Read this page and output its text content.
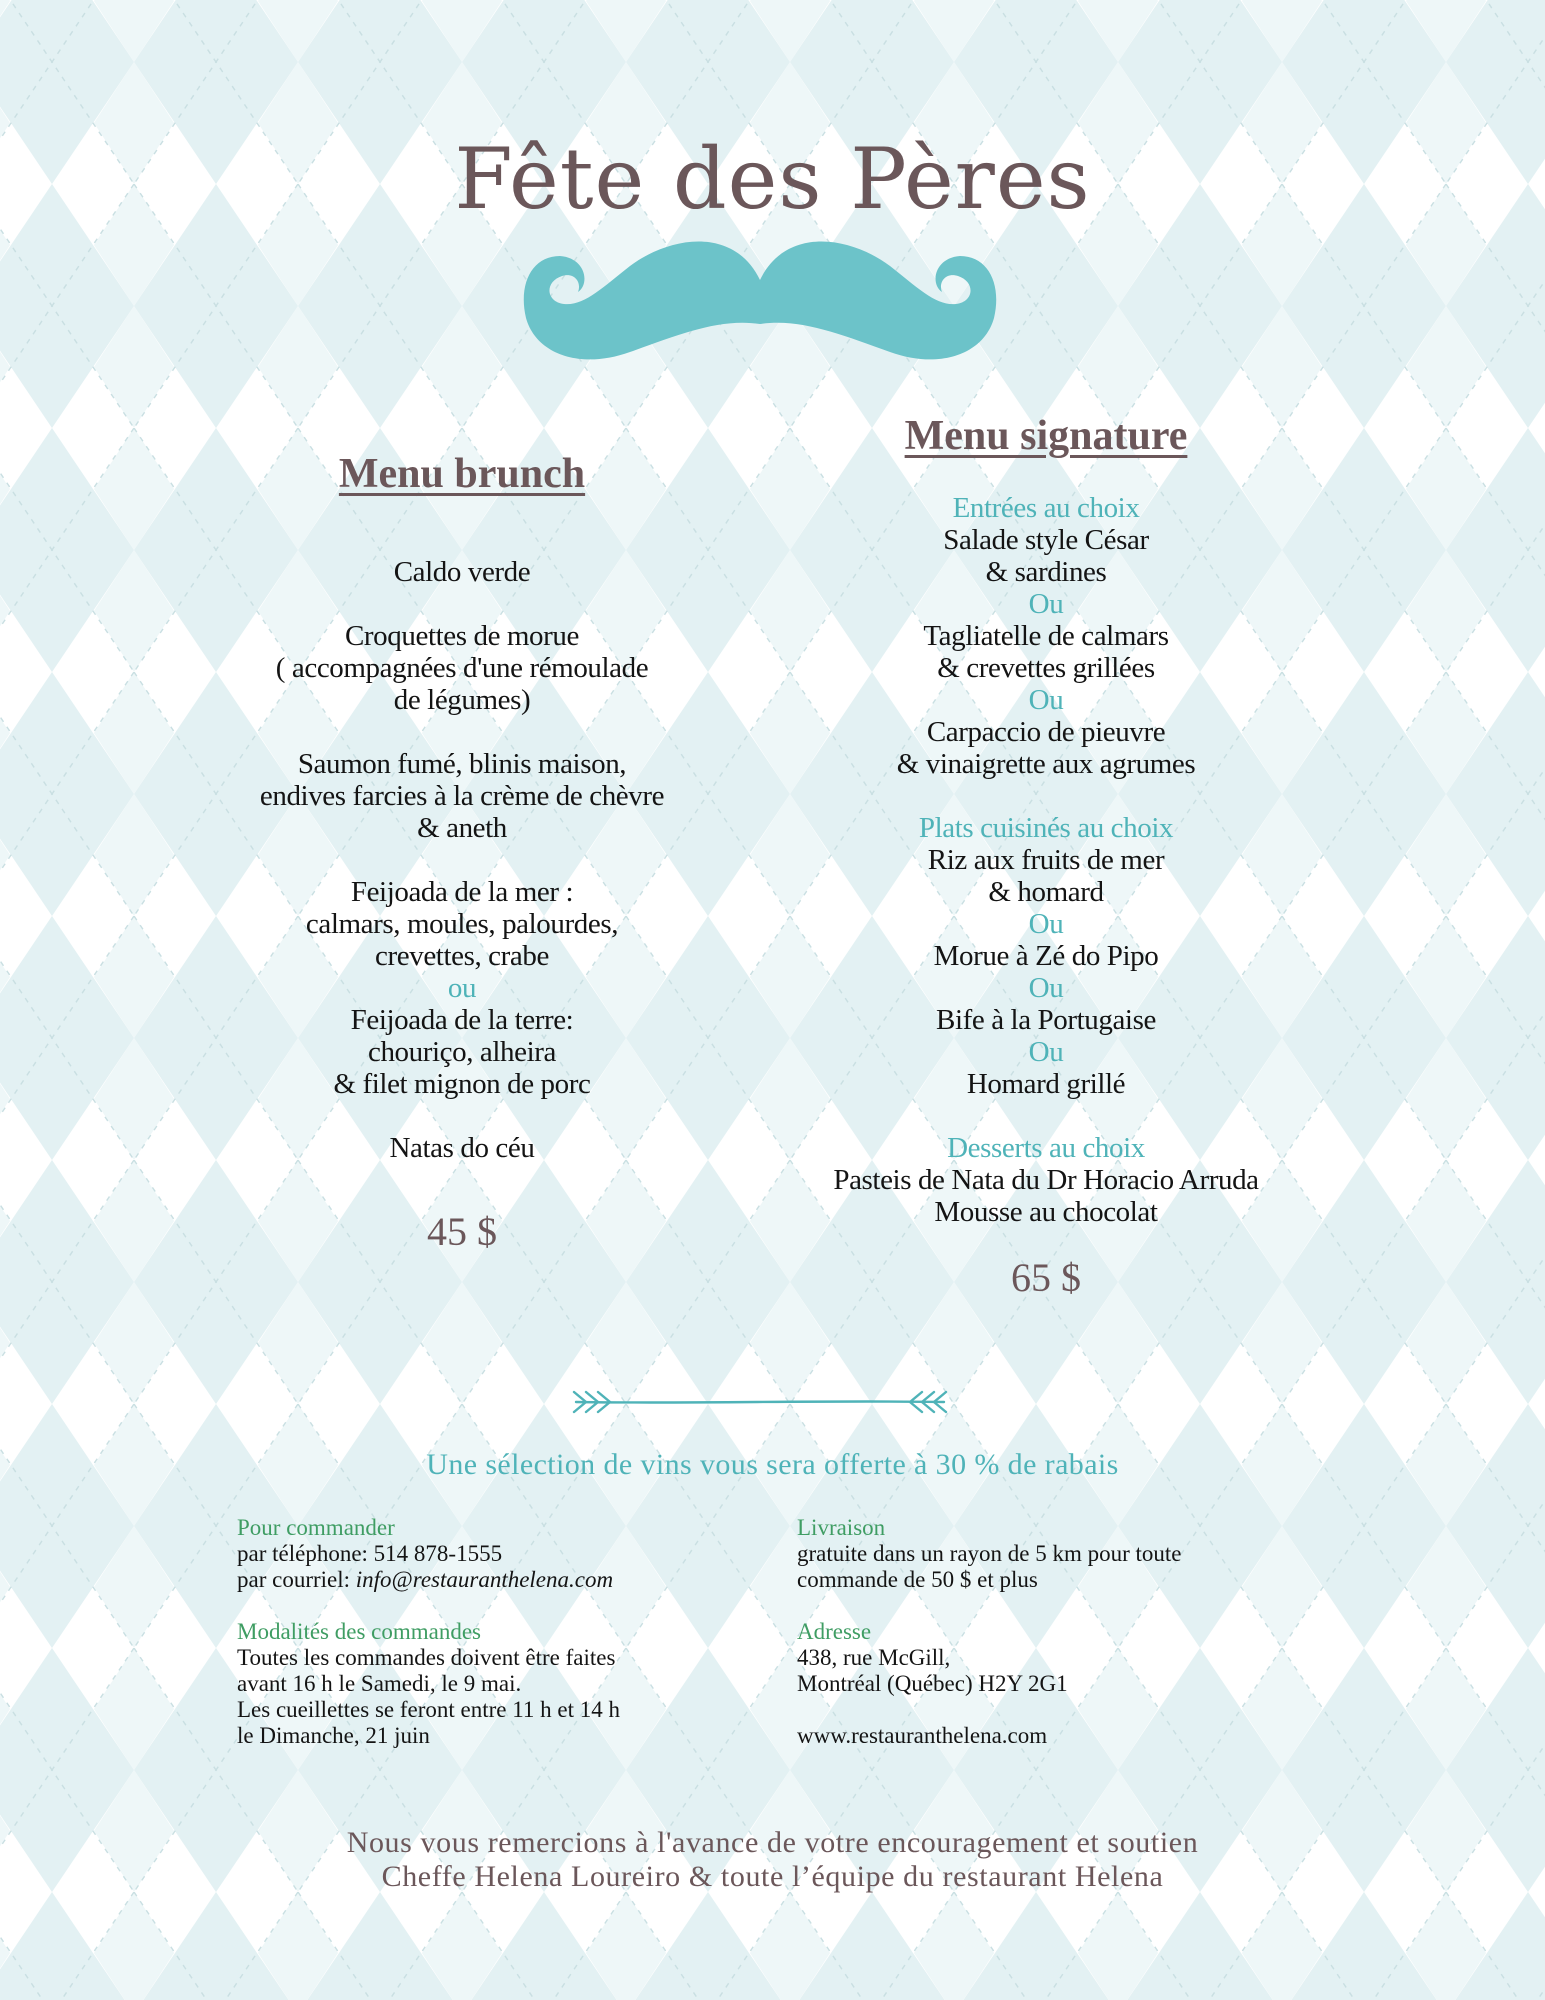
Fête des Pères
Menu brunch
Caldo verde
Croquettes de morue
( accompagnées d'une rémoulade
de légumes)
Saumon fumé, blinis maison,
endives farcies à la crème de chèvre
& aneth
Feijoada de la mer :
calmars, moules, palourdes,
crevettes, crabe
ou
Feijoada de la terre:
chouriço, alheira
& filet mignon de porc
Natas do céu
45 $
Menu signature
Entrées au choix
Salade style César
& sardines
Ou
Tagliatelle de calmars
& crevettes grillées
Ou
Carpaccio de pieuvre
& vinaigrette aux agrumes
Plats cuisinés au choix
Riz aux fruits de mer
& homard
Ou
Morue à Zé do Pipo
Ou
Bife à la Portugaise
Ou
Homard grillé
Desserts au choix
Pasteis de Nata du Dr Horacio Arruda
Mousse au chocolat
65 $
Une sélection de vins vous sera offerte à 30 % de rabais
Pour commander
par téléphone: 514 878-1555
par courriel: info@restauranthelena.com
Modalités des commandes
Toutes les commandes doivent être faites
avant 16 h le Samedi, le 9 mai.
Les cueillettes se feront entre 11 h et 14 h
le Dimanche, 21 juin
Livraison
gratuite dans un rayon de 5 km pour toute
commande de 50 $ et plus
Adresse
438, rue McGill,
Montréal (Québec) H2Y 2G1
www.restauranthelena.com
Nous vous remercions à l'avance de votre encouragement et soutien
Cheffe Helena Loureiro & toute l’équipe du restaurant Helena
